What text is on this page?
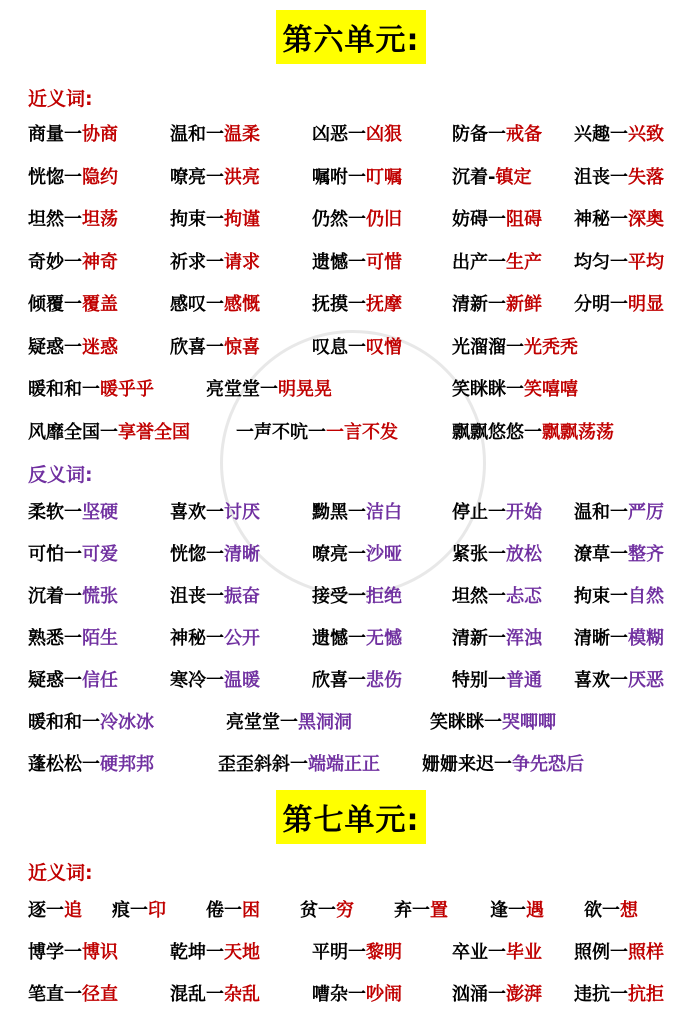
第六单元:
近义词:
商量一协商	温和一温柔	凶恶一凶狠	防备一戒备 兴趣一兴致
恍惚一隐约	嘹亮一洪亮	嘱咐一叮嘱	沉着-镇定 沮丧一失落
坦然一坦荡	拘束一拘谨	仍然一仍旧	妨碍一阻碍 神秘一深奥
奇妙一神奇	祈求一请求	遗憾一可惜	出产一生产 均匀一平均
倾覆一覆盖	感叹一感慨	抚摸一抚摩	清新一新鲜 分明一明显
疑惑一迷惑	欣喜一惊喜	叹息一叹憎	光溜溜一光秃秃
暖和和一暖乎乎	亮堂堂一明晃晃	笑眯眯一笑嘻嘻
风靡全国一享誉全国	一声不吭一一言不发	飘飘悠悠一飘飘荡荡
反义词:
柔软一坚硬	喜欢一讨厌	黝黑一洁白	停止一开始 温和一严厉
可怕一可爱	恍惚一清晰	嘹亮一沙哑	紧张一放松 潦草一整齐
沉着一慌张	沮丧一振奋	接受一拒绝	坦然一忐忑 拘束一自然
熟悉一陌生	神秘一公开	遗憾一无憾	清新一浑浊 清晰一模糊
疑惑一信任	寒冷一温暖	欣喜一悲伤	特别一普通 喜欢一厌恶
暖和和一冷冰冰	亮堂堂一黑洞洞	笑眯眯一哭唧唧
蓬松松一硬邦邦	歪歪斜斜一端端正正 姗姗来迟一争先恐后
第七单元:
近义词:
逐一追 痕一印 倦一困 贫一穷 弃一置 逢一遇 欲一想
博学一博识	乾坤一天地	平明一黎明	卒业一毕业 照例一照样
笔直一径直	混乱一杂乱	嘈杂一吵闹	汹涌一澎湃 违抗一抗拒
